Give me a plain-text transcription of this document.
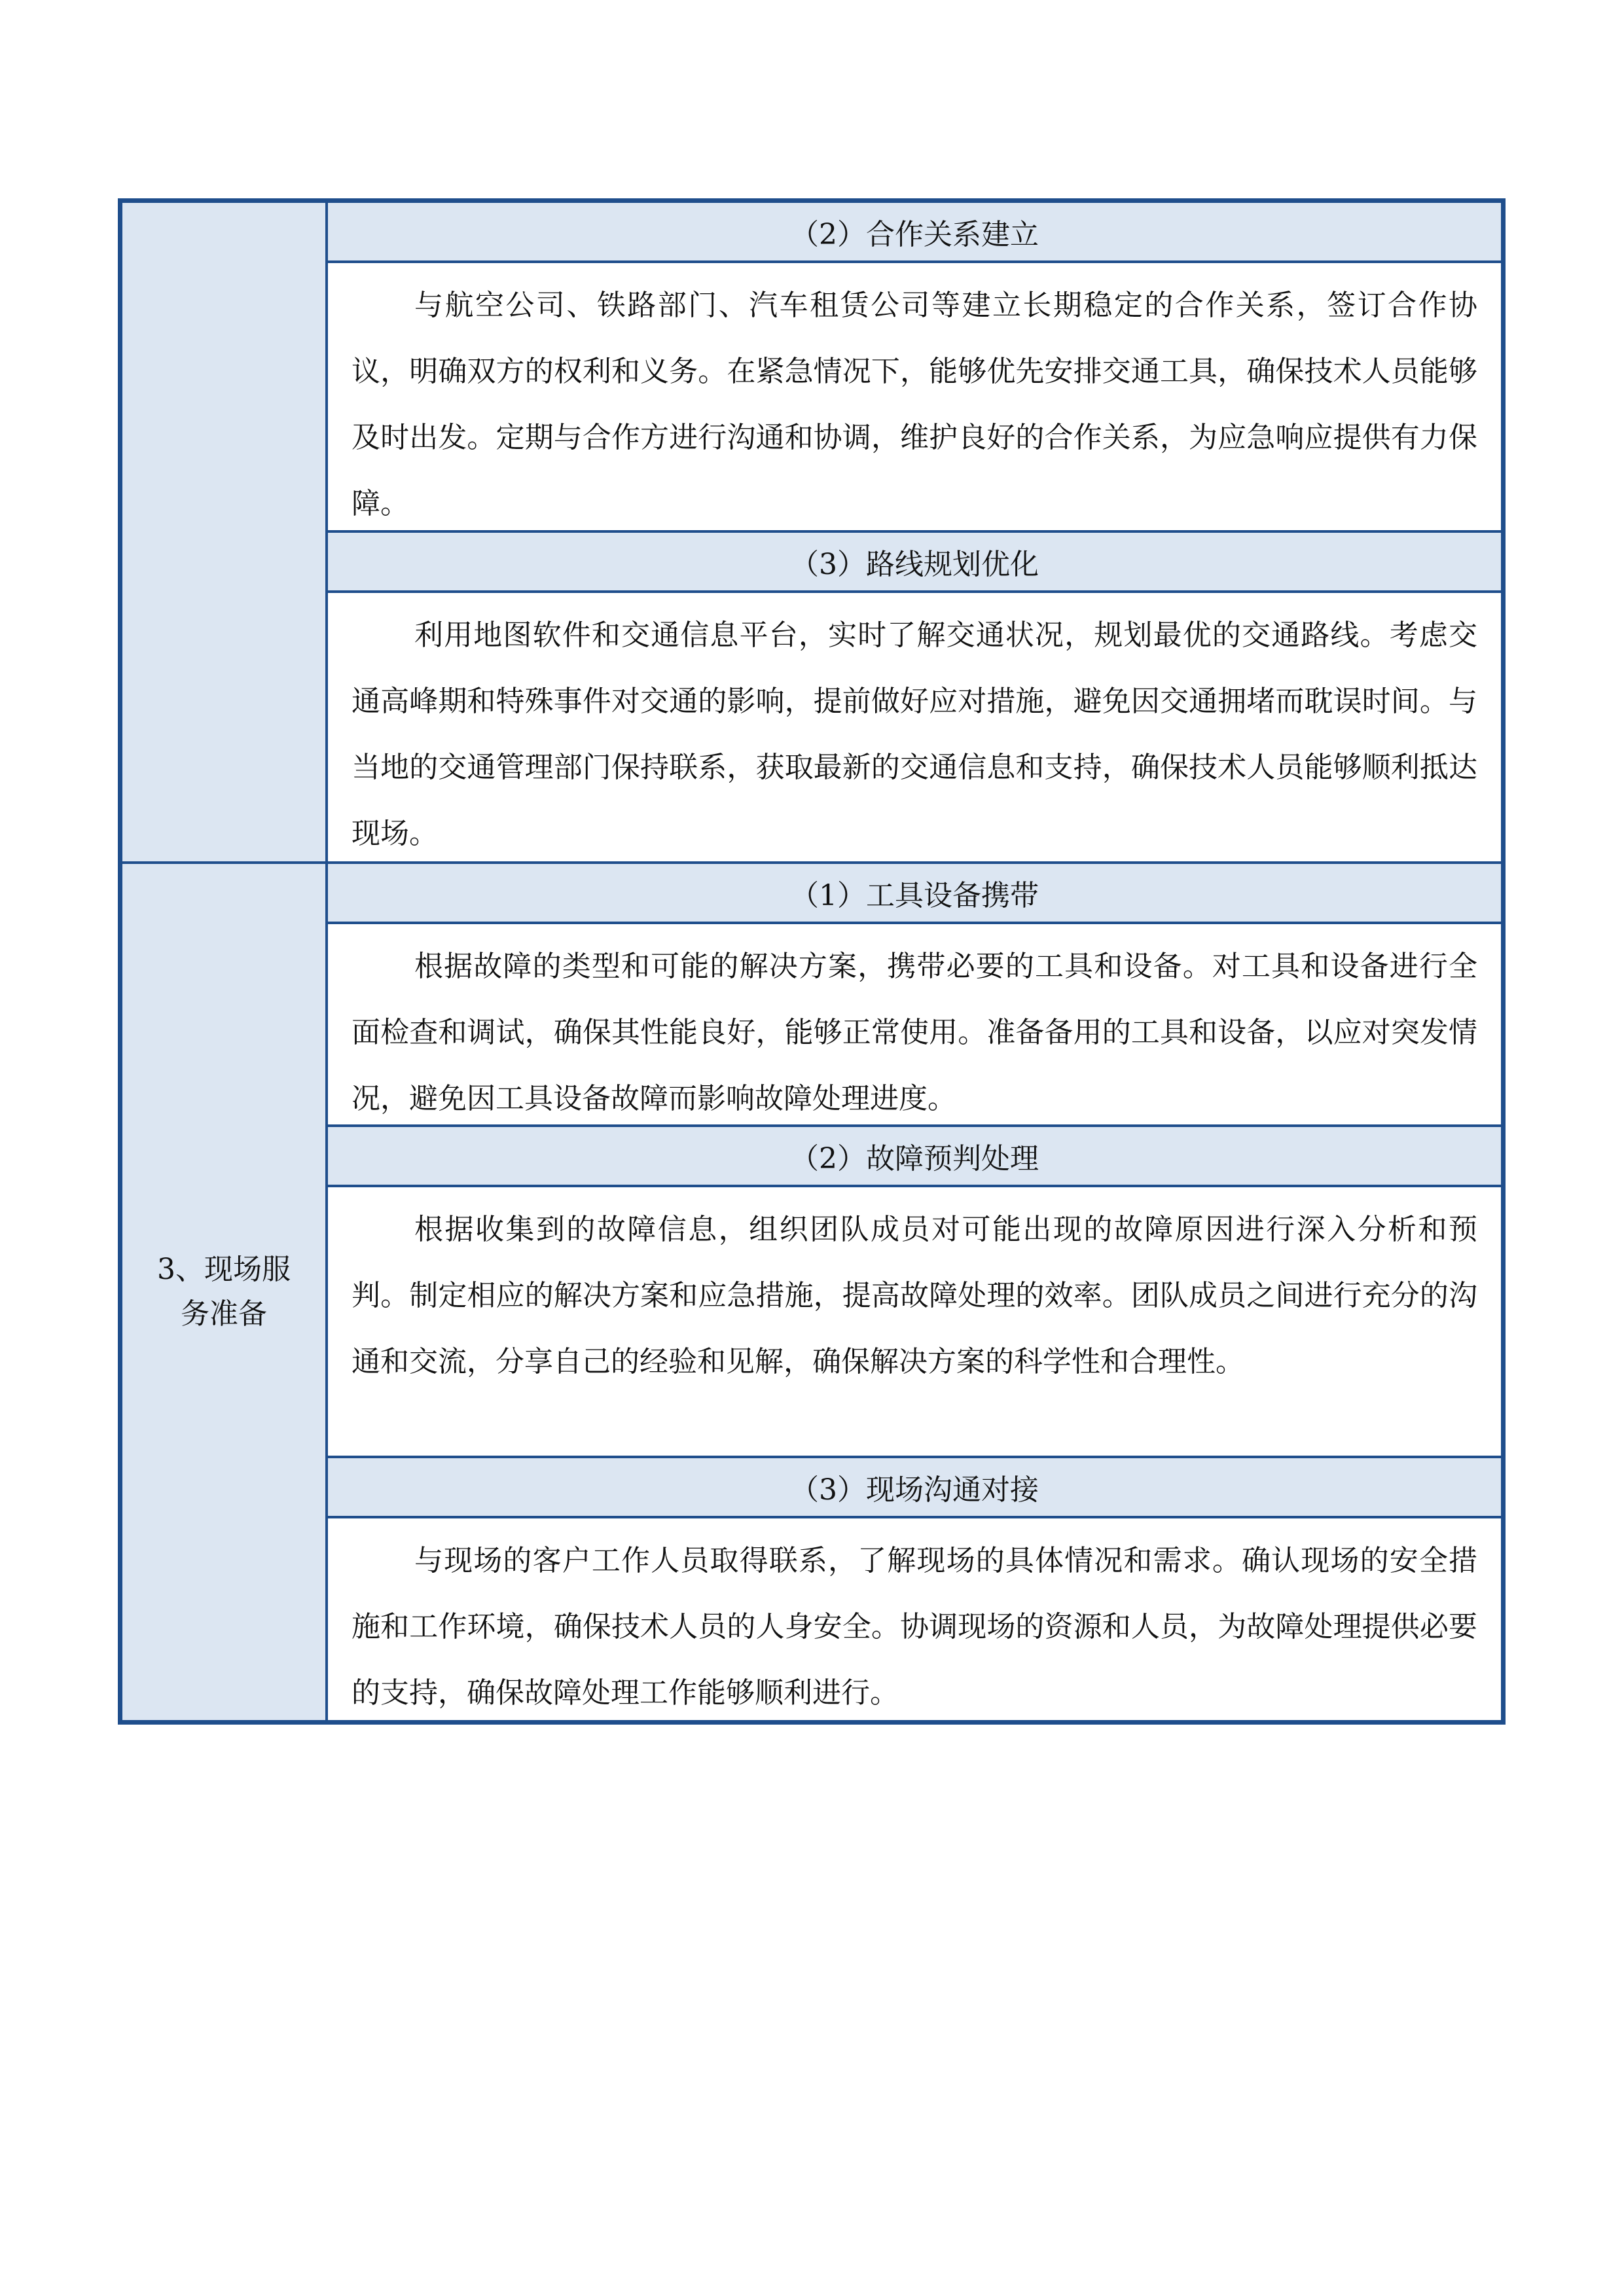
3、现场服务准备
（2）合作关系建立
与航空公司、铁路部门、汽车租赁公司等建立长期稳定的合作关系，签订合作协议，明确双方的权利和义务。在紧急情况下，能够优先安排交通工具，确保技术人员能够及时出发。定期与合作方进行沟通和协调，维护良好的合作关系，为应急响应提供有力保障。
（3）路线规划优化
利用地图软件和交通信息平台，实时了解交通状况，规划最优的交通路线。考虑交通高峰期和特殊事件对交通的影响，提前做好应对措施，避免因交通拥堵而耽误时间。与当地的交通管理部门保持联系，获取最新的交通信息和支持，确保技术人员能够顺利抵达现场。
（1）工具设备携带
根据故障的类型和可能的解决方案，携带必要的工具和设备。对工具和设备进行全面检查和调试，确保其性能良好，能够正常使用。准备备用的工具和设备，以应对突发情况，避免因工具设备故障而影响故障处理进度。
（2）故障预判处理
根据收集到的故障信息，组织团队成员对可能出现的故障原因进行深入分析和预判。制定相应的解决方案和应急措施，提高故障处理的效率。团队成员之间进行充分的沟通和交流，分享自己的经验和见解，确保解决方案的科学性和合理性。
（3）现场沟通对接
与现场的客户工作人员取得联系，了解现场的具体情况和需求。确认现场的安全措施和工作环境，确保技术人员的人身安全。协调现场的资源和人员，为故障处理提供必要的支持，确保故障处理工作能够顺利进行。
